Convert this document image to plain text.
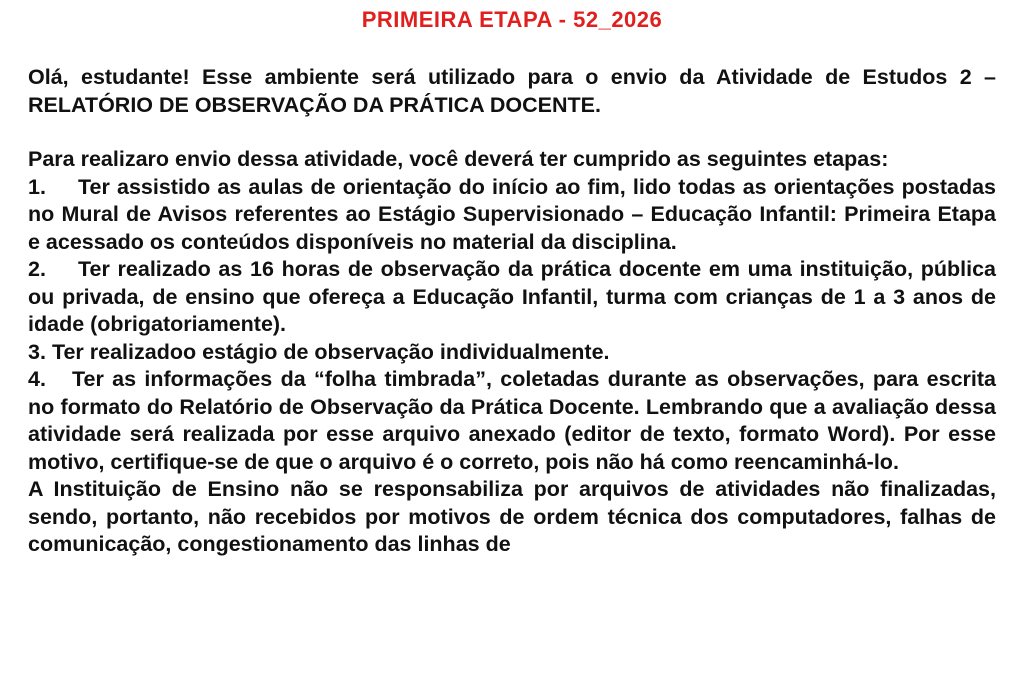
PRIMEIRA ETAPA - 52_2026

Olá, estudante! Esse ambiente será utilizado para o envio da Atividade de Estudos 2 – RELATÓRIO DE OBSERVAÇÃO DA PRÁTICA DOCENTE.

Para realizaro envio dessa atividade, você deverá ter cumprido as seguintes etapas:

1. Ter assistido as aulas de orientação do início ao fim, lido todas as orientações postadas no Mural de Avisos referentes ao Estágio Supervisionado – Educação Infantil: Primeira Etapa e acessado os conteúdos disponíveis no material da disciplina.

2. Ter realizado as 16 horas de observação da prática docente em uma instituição, pública ou privada, de ensino que ofereça a Educação Infantil, turma com crianças de 1 a 3 anos de idade (obrigatoriamente).

3. Ter realizadoo estágio de observação individualmente.

4. Ter as informações da “folha timbrada”, coletadas durante as observações, para escrita no formato do Relatório de Observação da Prática Docente. Lembrando que a avaliação dessa atividade será realizada por esse arquivo anexado (editor de texto, formato Word). Por esse motivo, certifique-se de que o arquivo é o correto, pois não há como reencaminhá-lo.

A Instituição de Ensino não se responsabiliza por arquivos de atividades não finalizadas, sendo, portanto, não recebidos por motivos de ordem técnica dos computadores, falhas de comunicação, congestionamento das linhas de
